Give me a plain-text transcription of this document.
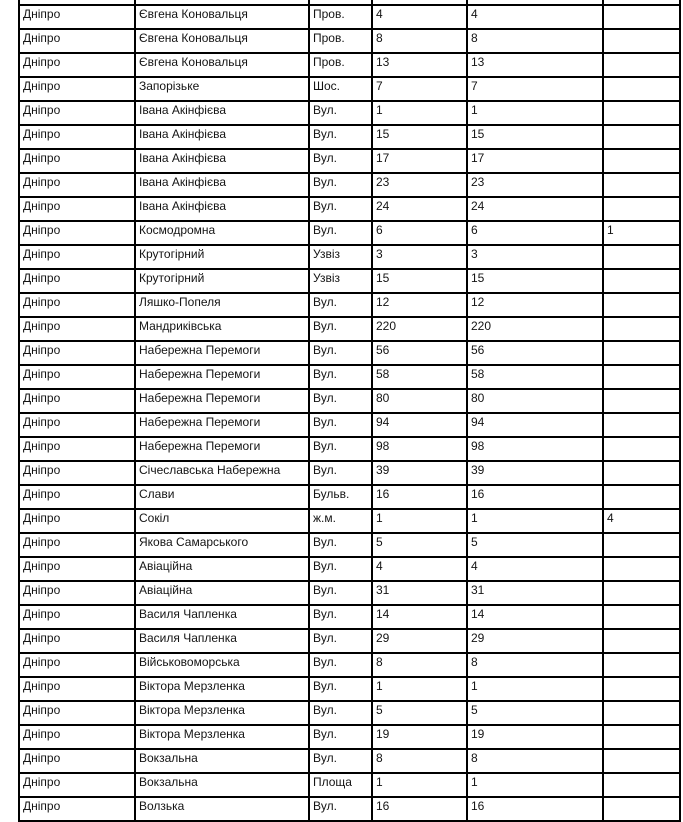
Дніпро	Євгена Коновальця	Пров.	4	4	
Дніпро	Євгена Коновальця	Пров.	8	8	
Дніпро	Євгена Коновальця	Пров.	13	13	
Дніпро	Запорізьке	Шос.	7	7	
Дніпро	Івана Акінфієва	Вул.	1	1	
Дніпро	Івана Акінфієва	Вул.	15	15	
Дніпро	Івана Акінфієва	Вул.	17	17	
Дніпро	Івана Акінфієва	Вул.	23	23	
Дніпро	Івана Акінфієва	Вул.	24	24	
Дніпро	Космодромна	Вул.	6	6	1
Дніпро	Крутогірний	Узвіз	3	3	
Дніпро	Крутогірний	Узвіз	15	15	
Дніпро	Ляшко-Попеля	Вул.	12	12	
Дніпро	Мандриківська	Вул.	220	220	
Дніпро	Набережна Перемоги	Вул.	56	56	
Дніпро	Набережна Перемоги	Вул.	58	58	
Дніпро	Набережна Перемоги	Вул.	80	80	
Дніпро	Набережна Перемоги	Вул.	94	94	
Дніпро	Набережна Перемоги	Вул.	98	98	
Дніпро	Січеславська Набережна	Вул.	39	39	
Дніпро	Слави	Бульв.	16	16	
Дніпро	Сокіл	ж.м.	1	1	4
Дніпро	Якова Самарського	Вул.	5	5	
Дніпро	Авіаційна	Вул.	4	4	
Дніпро	Авіаційна	Вул.	31	31	
Дніпро	Василя Чапленка	Вул.	14	14	
Дніпро	Василя Чапленка	Вул.	29	29	
Дніпро	Військовоморська	Вул.	8	8	
Дніпро	Віктора Мерзленка	Вул.	1	1	
Дніпро	Віктора Мерзленка	Вул.	5	5	
Дніпро	Віктора Мерзленка	Вул.	19	19	
Дніпро	Вокзальна	Вул.	8	8	
Дніпро	Вокзальна	Площа	1	1	
Дніпро	Волзька	Вул.	16	16	
